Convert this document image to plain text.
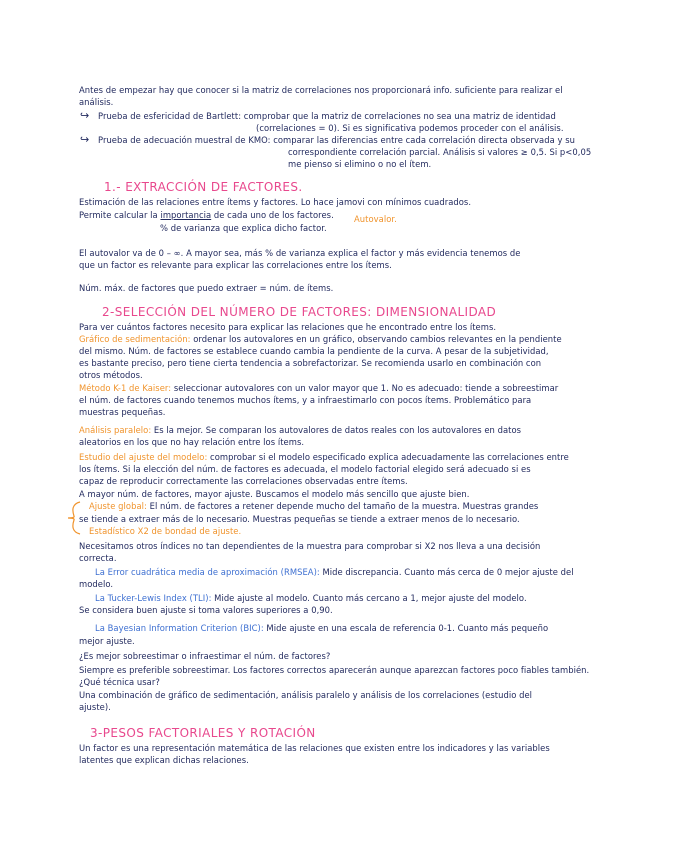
Antes de empezar hay que conocer si la matriz de correlaciones nos proporcionará info. suficiente para realizar el
análisis.
↪ Prueba de esfericidad de Bartlett: comprobar que la matriz de correlaciones no sea una matriz de identidad
(correlaciones = 0). Si es significativa podemos proceder con el análisis.
↪ Prueba de adecuación muestral de KMO: comparar las diferencias entre cada correlación directa observada y su
correspondiente correlación parcial. Análisis si valores ≥ 0,5. Si p<0,05
me pienso si elimino o no el ítem.
1.- EXTRACCIÓN DE FACTORES.
Estimación de las relaciones entre ítems y factores. Lo hace jamovi con mínimos cuadrados.
Permite calcular la importancia de cada uno de los factores. Autovalor.
% de varianza que explica dicho factor.
El autovalor va de 0 – ∞. A mayor sea, más % de varianza explica el factor y más evidencia tenemos de
que un factor es relevante para explicar las correlaciones entre los ítems.
Núm. máx. de factores que puedo extraer = núm. de ítems.
2-SELECCIÓN DEL NÚMERO DE FACTORES: DIMENSIONALIDAD
Para ver cuántos factores necesito para explicar las relaciones que he encontrado entre los ítems.
Gráfico de sedimentación: ordenar los autovalores en un gráfico, observando cambios relevantes en la pendiente
del mismo. Núm. de factores se establece cuando cambia la pendiente de la curva. A pesar de la subjetividad,
es bastante preciso, pero tiene cierta tendencia a sobrefactorizar. Se recomienda usarlo en combinación con
otros métodos.
Método K-1 de Kaiser: seleccionar autovalores con un valor mayor que 1. No es adecuado: tiende a sobreestimar
el núm. de factores cuando tenemos muchos ítems, y a infraestimarlo con pocos ítems. Problemático para
muestras pequeñas.
Análisis paralelo: Es la mejor. Se comparan los autovalores de datos reales con los autovalores en datos
aleatorios en los que no hay relación entre los ítems.
Estudio del ajuste del modelo: comprobar si el modelo especificado explica adecuadamente las correlaciones entre
los ítems. Si la elección del núm. de factores es adecuada, el modelo factorial elegido será adecuado si es
capaz de reproducir correctamente las correlaciones observadas entre ítems.
A mayor núm. de factores, mayor ajuste. Buscamos el modelo más sencillo que ajuste bien.
Ajuste global: El núm. de factores a retener depende mucho del tamaño de la muestra. Muestras grandes
se tiende a extraer más de lo necesario. Muestras pequeñas se tiende a extraer menos de lo necesario.
Estadístico X2 de bondad de ajuste.
Necesitamos otros índices no tan dependientes de la muestra para comprobar si X2 nos lleva a una decisión
correcta.
La Error cuadrática media de aproximación (RMSEA): Mide discrepancia. Cuanto más cerca de 0 mejor ajuste del
modelo.
La Tucker-Lewis Index (TLI): Mide ajuste al modelo. Cuanto más cercano a 1, mejor ajuste del modelo.
Se considera buen ajuste si toma valores superiores a 0,90.
La Bayesian Information Criterion (BIC): Mide ajuste en una escala de referencia 0-1. Cuanto más pequeño
mejor ajuste.
¿Es mejor sobreestimar o infraestimar el núm. de factores?
Siempre es preferible sobreestimar. Los factores correctos aparecerán aunque aparezcan factores poco fiables también.
¿Qué técnica usar?
Una combinación de gráfico de sedimentación, análisis paralelo y análisis de los correlaciones (estudio del
ajuste).
3-PESOS FACTORIALES Y ROTACIÓN
Un factor es una representación matemática de las relaciones que existen entre los indicadores y las variables
latentes que explican dichas relaciones.
